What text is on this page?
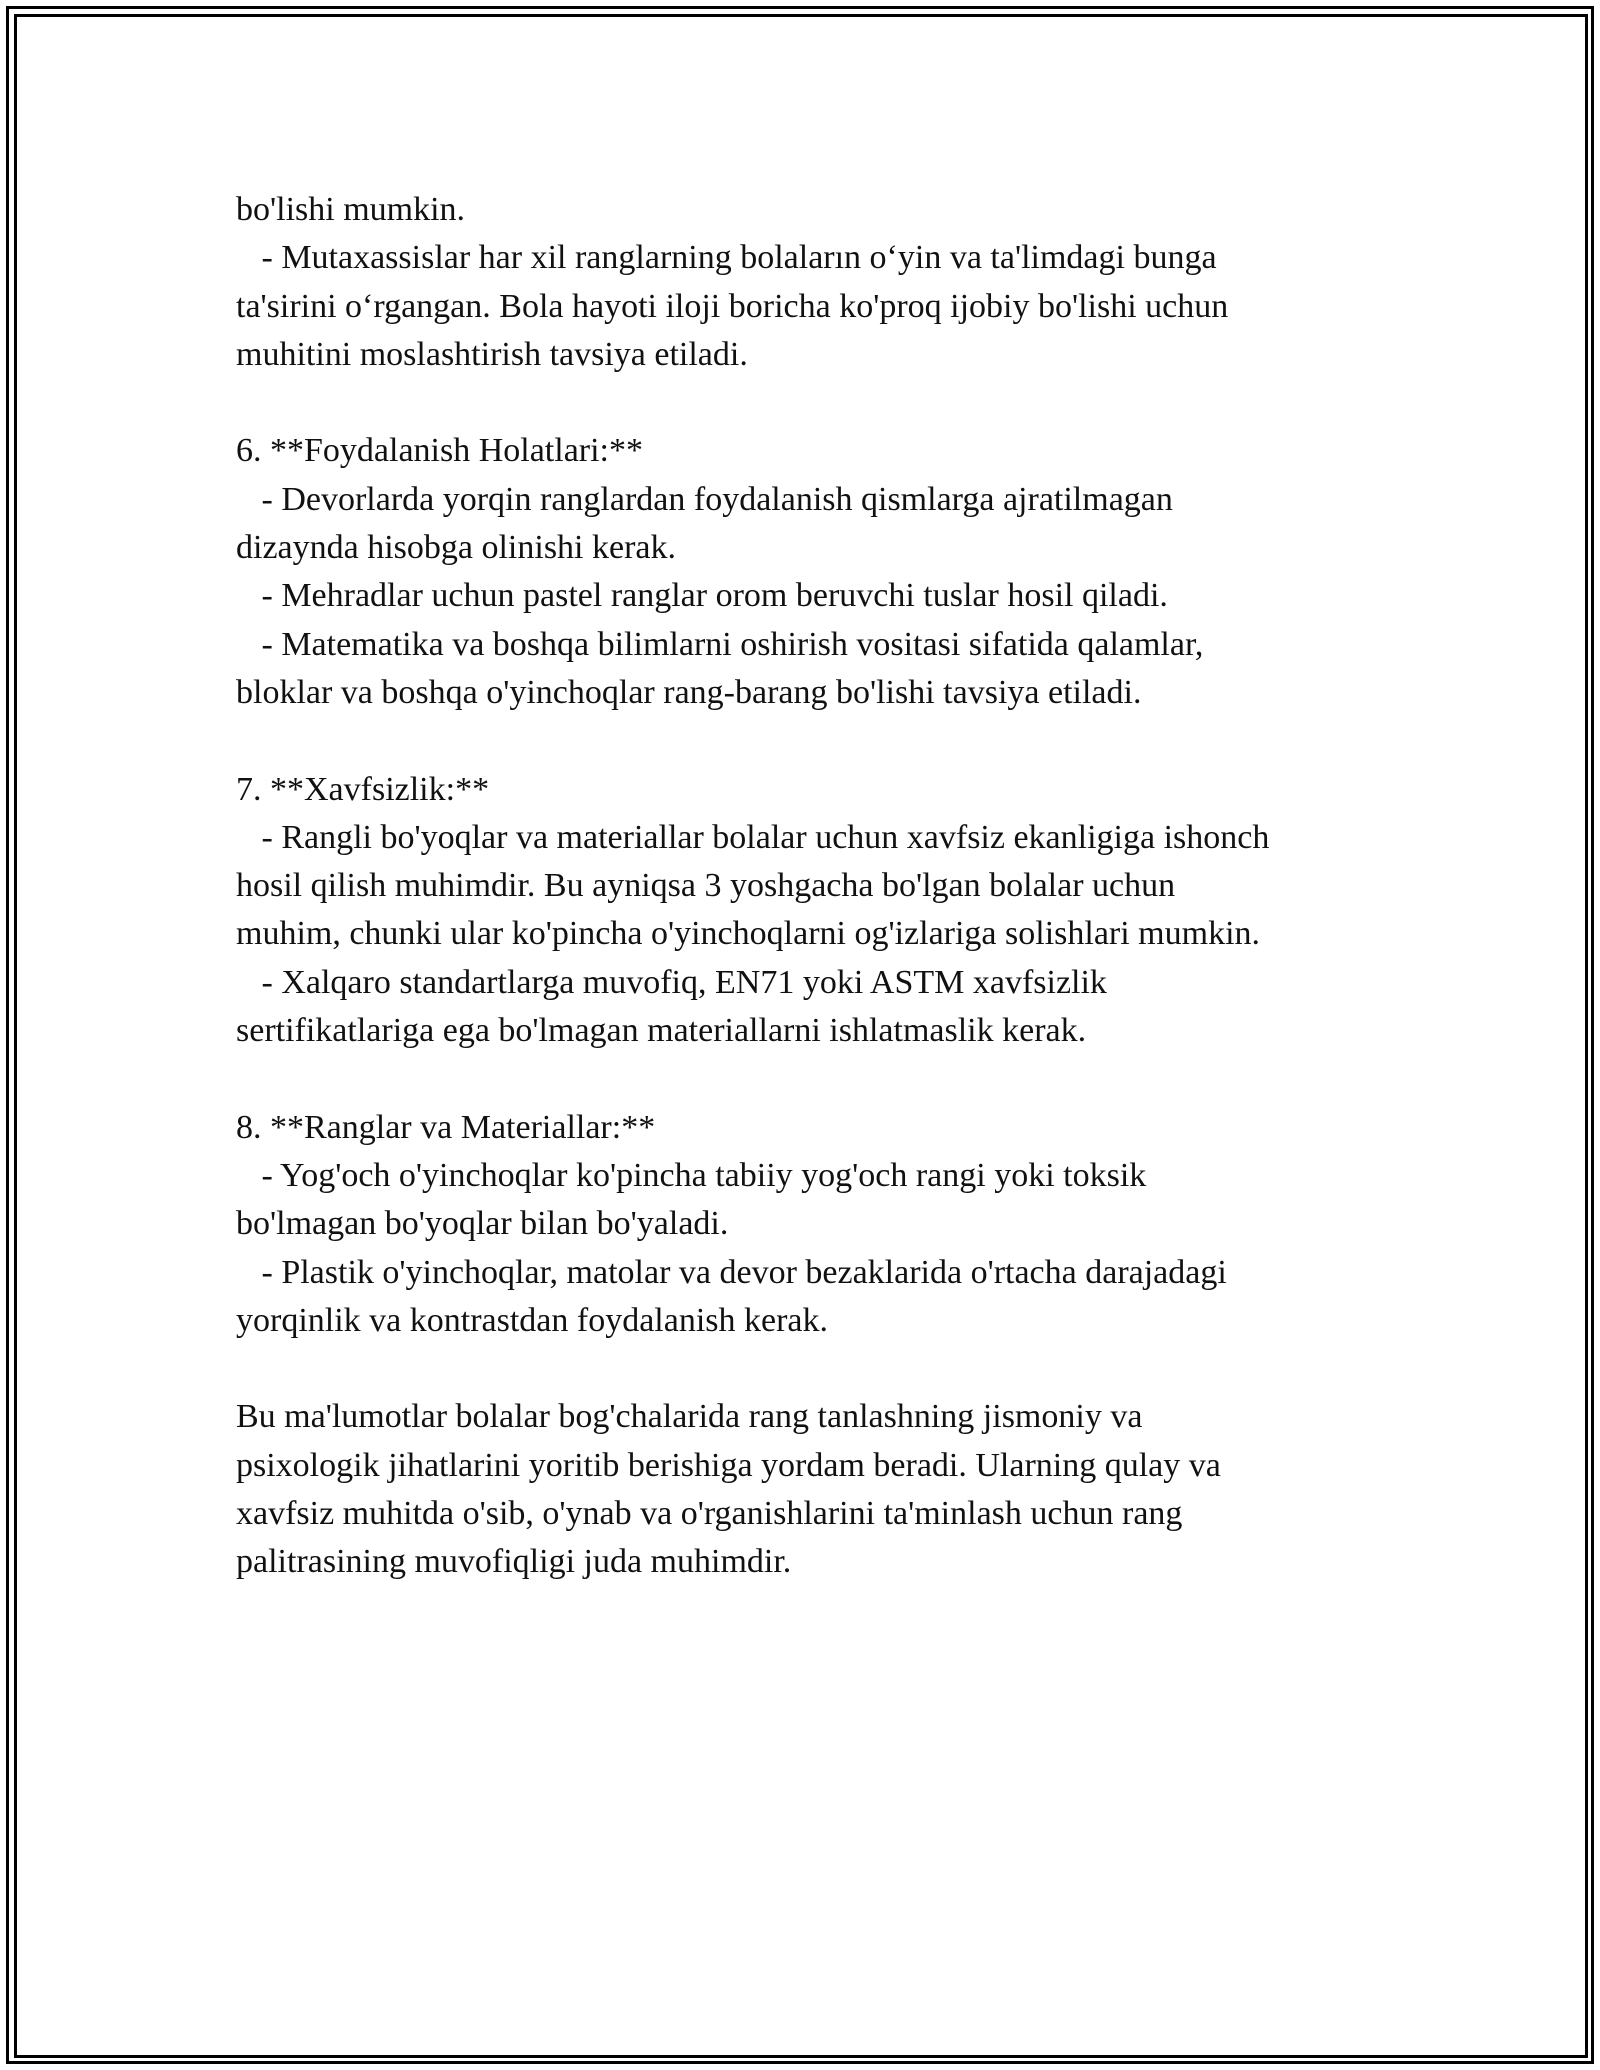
bo'lishi mumkin.
- Mutaxassislar har xil ranglarning bolaların o‘yin va ta'limdagi bunga
ta'sirini o‘rgangan. Bola hayoti iloji boricha ko'proq ijobiy bo'lishi uchun
muhitini moslashtirish tavsiya etiladi.
6. **Foydalanish Holatlari:**
- Devorlarda yorqin ranglardan foydalanish qismlarga ajratilmagan
dizaynda hisobga olinishi kerak.
- Mehradlar uchun pastel ranglar orom beruvchi tuslar hosil qiladi.
- Matematika va boshqa bilimlarni oshirish vositasi sifatida qalamlar,
bloklar va boshqa o'yinchoqlar rang-barang bo'lishi tavsiya etiladi.
7. **Xavfsizlik:**
- Rangli bo'yoqlar va materiallar bolalar uchun xavfsiz ekanligiga ishonch
hosil qilish muhimdir. Bu ayniqsa 3 yoshgacha bo'lgan bolalar uchun
muhim, chunki ular ko'pincha o'yinchoqlarni og'izlariga solishlari mumkin.
- Xalqaro standartlarga muvofiq, EN71 yoki ASTM xavfsizlik
sertifikatlariga ega bo'lmagan materiallarni ishlatmaslik kerak.
8. **Ranglar va Materiallar:**
- Yog'och o'yinchoqlar ko'pincha tabiiy yog'och rangi yoki toksik
bo'lmagan bo'yoqlar bilan bo'yaladi.
- Plastik o'yinchoqlar, matolar va devor bezaklarida o'rtacha darajadagi
yorqinlik va kontrastdan foydalanish kerak.
Bu ma'lumotlar bolalar bog'chalarida rang tanlashning jismoniy va
psixologik jihatlarini yoritib berishiga yordam beradi. Ularning qulay va
xavfsiz muhitda o'sib, o'ynab va o'rganishlarini ta'minlash uchun rang
palitrasining muvofiqligi juda muhimdir.
